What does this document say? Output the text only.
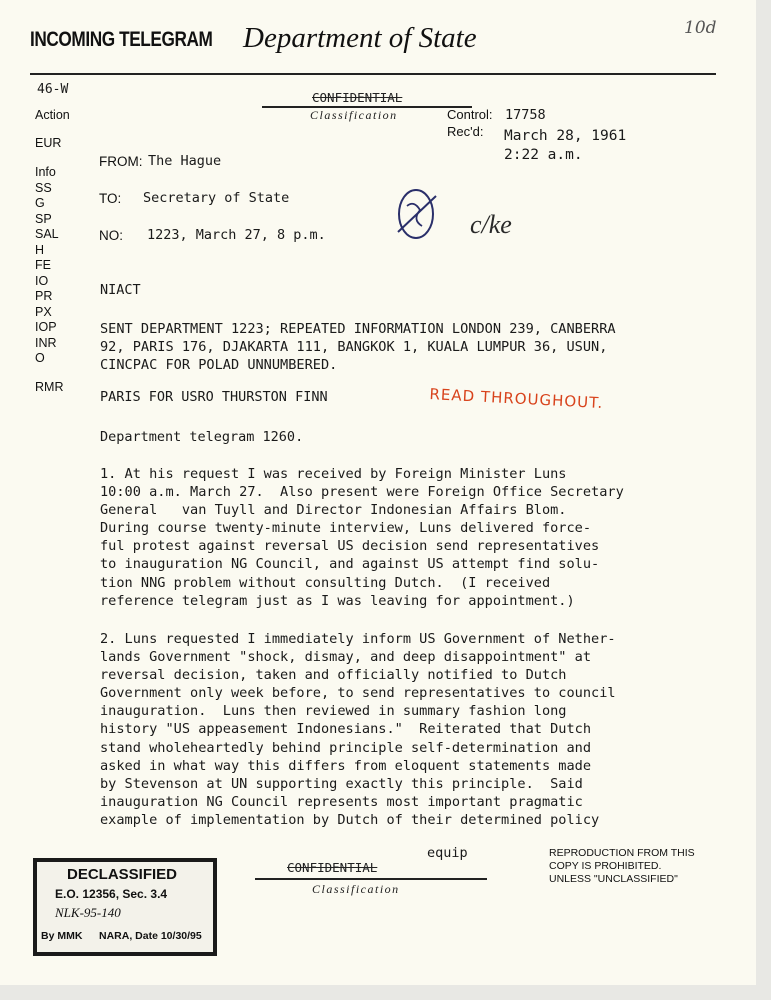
INCOMING TELEGRAM Department of State	10d
CONFIDENTIAL
Classification
46-W
Action
EUR
Info
SS
G
SP
SAL
H
FE
IO
PR
PX
IOP
INR
O
RMR
Control: 17758
Rec'd: March 28, 1961
2:22 a.m.
FROM: The Hague
TO: Secretary of State
NO: 1223, March 27, 8 p.m.	c/ke
NIACT
SENT DEPARTMENT 1223; REPEATED INFORMATION LONDON 239, CANBERRA
92, PARIS 176, DJAKARTA 111, BANGKOK 1, KUALA LUMPUR 36, USUN,
CINCPAC FOR POLAD UNNUMBERED.
PARIS FOR USRO THURSTON FINN	READ THROUGHOUT.
Department telegram 1260.
1. At his request I was received by Foreign Minister Luns
10:00 a.m. March 27.  Also present were Foreign Office Secretary
General   van Tuyll and Director Indonesian Affairs Blom.
During course twenty-minute interview, Luns delivered force-
ful protest against reversal US decision send representatives
to inauguration NG Council, and against US attempt find solu-
tion NNG problem without consulting Dutch.  (I received
reference telegram just as I was leaving for appointment.)
2. Luns requested I immediately inform US Government of Nether-
lands Government "shock, dismay, and deep disappointment" at
reversal decision, taken and officially notified to Dutch
Government only week before, to send representatives to council
inauguration.  Luns then reviewed in summary fashion long
history "US appeasement Indonesians."  Reiterated that Dutch
stand wholeheartedly behind principle self-determination and
asked in what way this differs from eloquent statements made
by Stevenson at UN supporting exactly this principle.  Said
inauguration NG Council represents most important pragmatic
example of implementation by Dutch of their determined policy
equip
CONFIDENTIAL
Classification
DECLASSIFIED
E.O. 12356, Sec. 3.4
NLK-95-140
By MMK NARA, Date 10/30/95
REPRODUCTION FROM THIS
COPY IS PROHIBITED.
UNLESS "UNCLASSIFIED"
